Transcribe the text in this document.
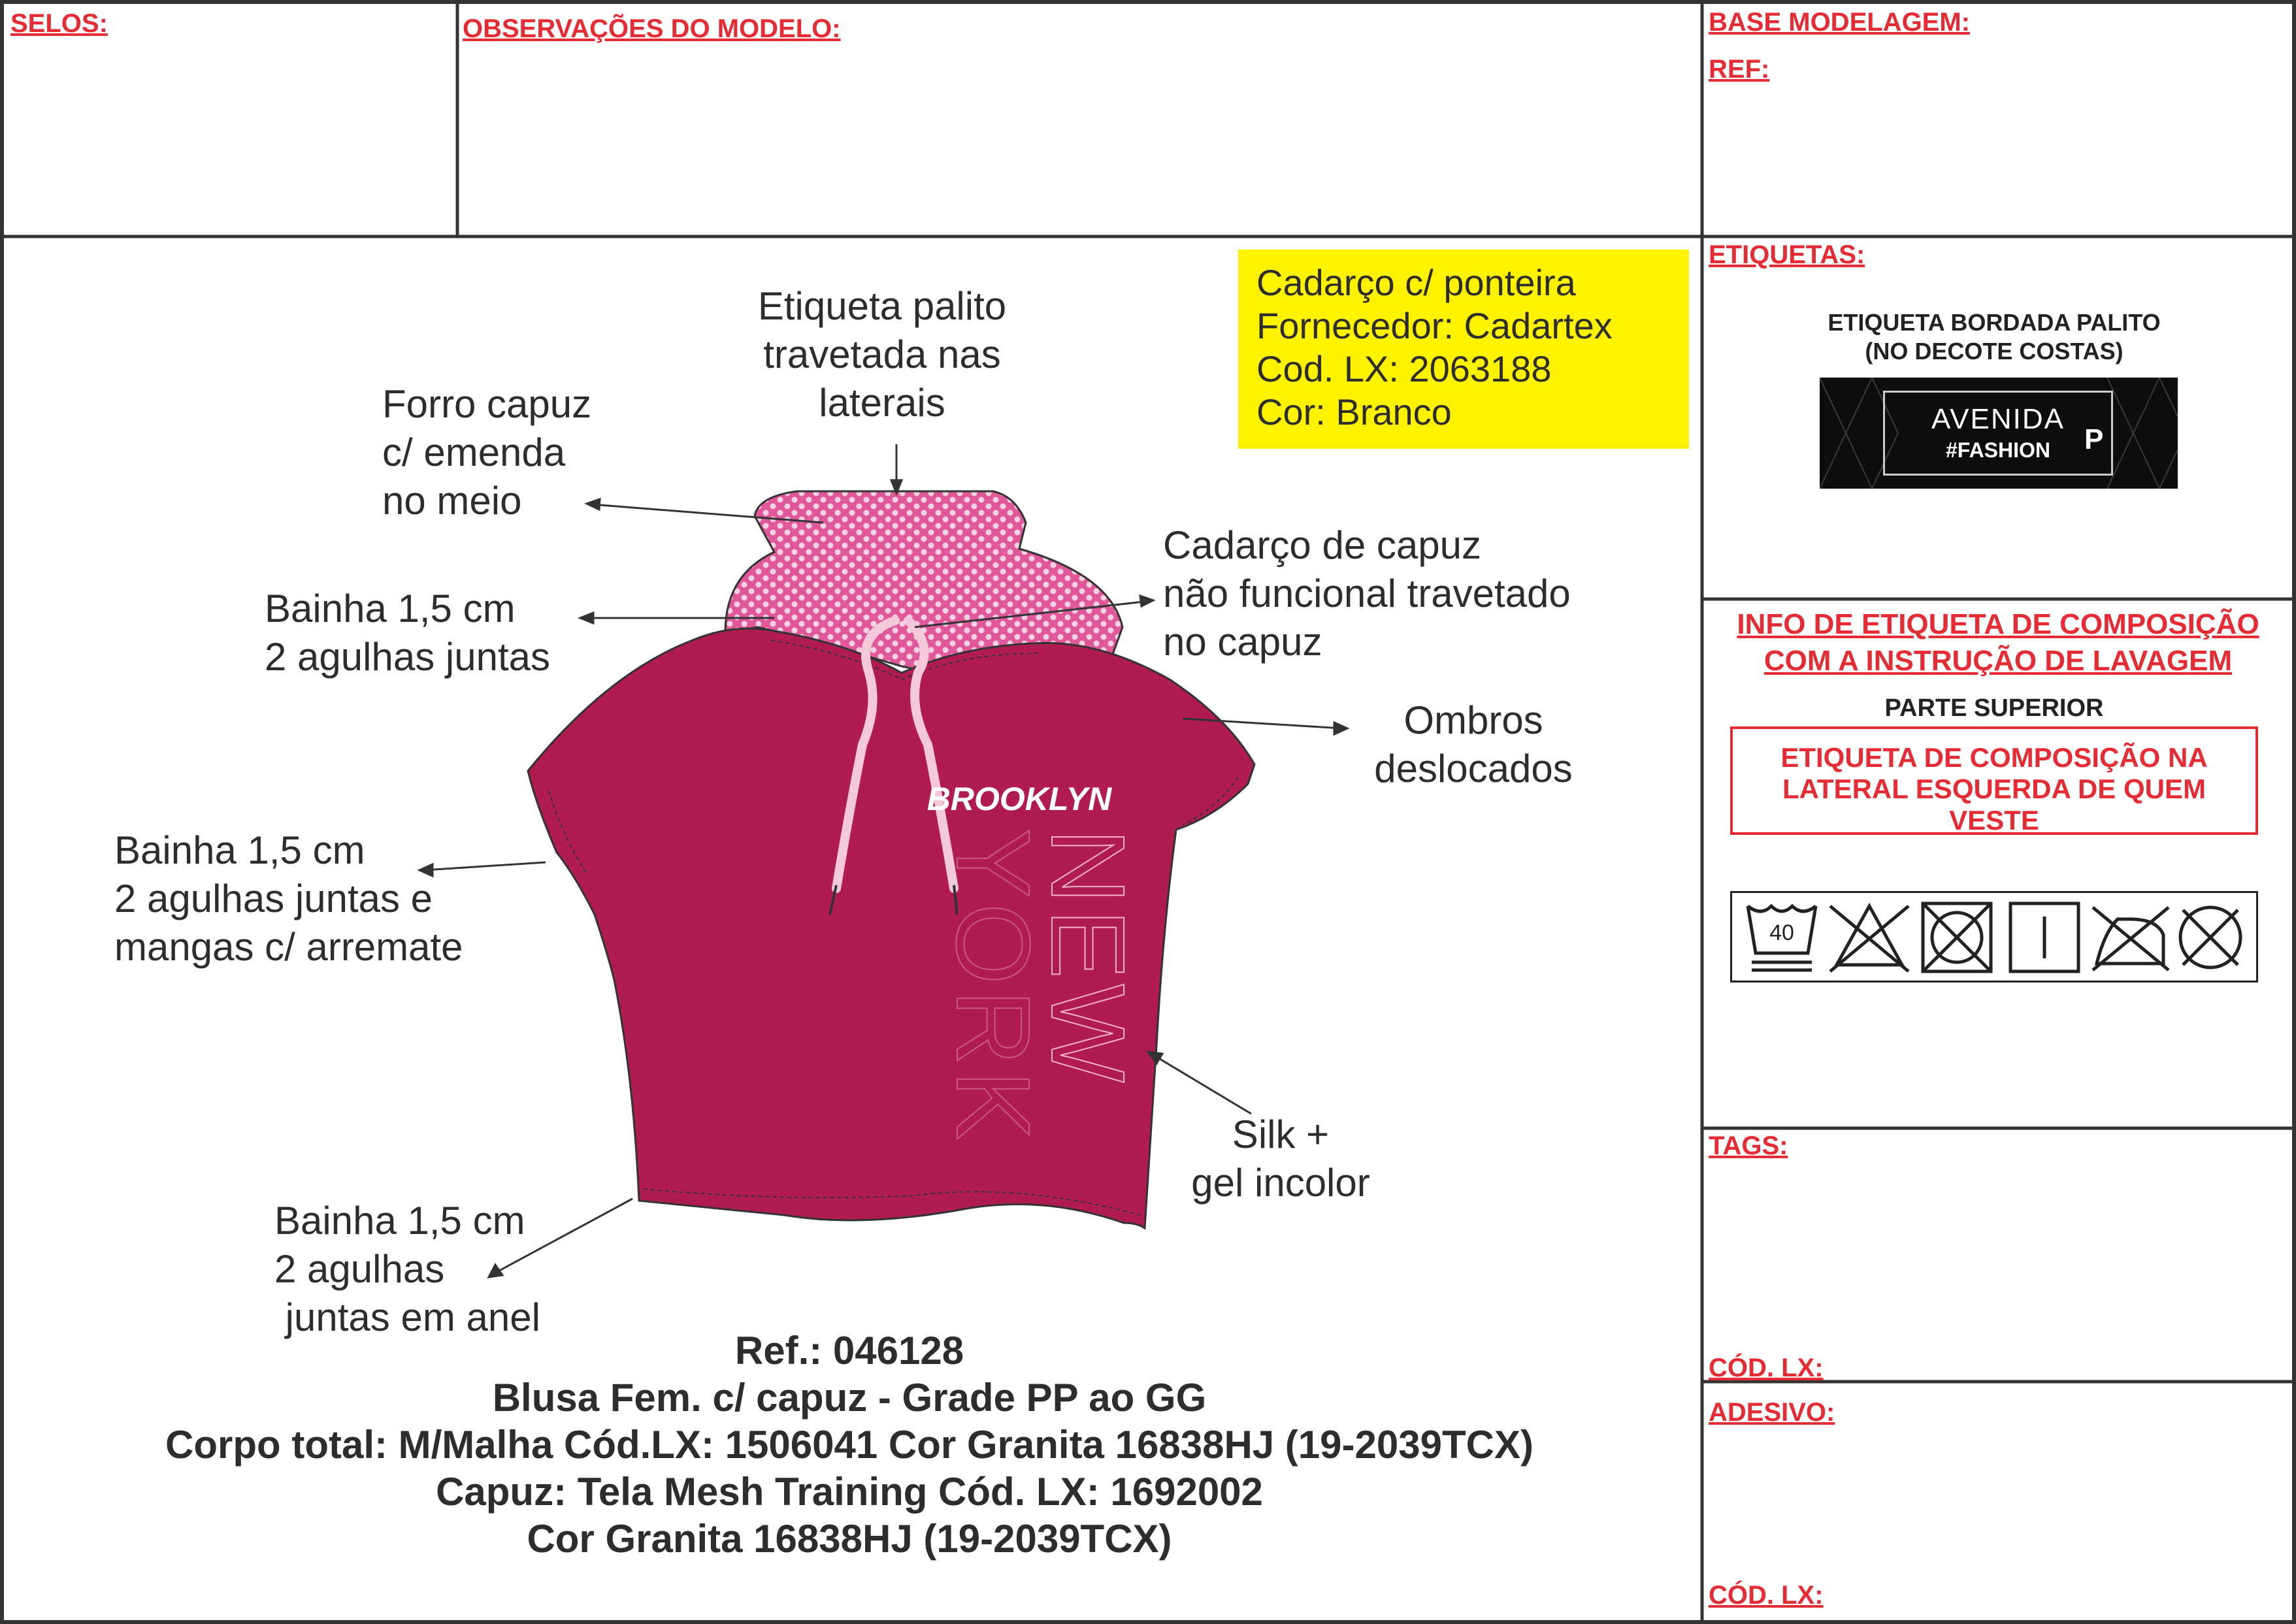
SELOS:	OBSERVAÇÕES DO MODELO:	BASE MODELAGEM:
REF:
ETIQUETAS:
ETIQUETA BORDADA PALITO
(NO DECOTE COSTAS)
AVENIDA
#FASHION	P
INFO DE ETIQUETA DE COMPOSIÇÃO
COM A INSTRUÇÃO DE LAVAGEM
PARTE SUPERIOR
ETIQUETA DE COMPOSIÇÃO NA
LATERAL ESQUERDA DE QUEM
VESTE
40
TAGS:
CÓD. LX:
ADESIVO:
CÓD. LX:
Cadarço c/ ponteira
Fornecedor: Cadartex
Cod. LX: 2063188
Cor: Branco
BROOKLYN
NEW
YORK
Etiqueta palito
travetada nas
laterais
Forro capuz
c/ emenda
no meio
Bainha 1,5 cm
2 agulhas juntas
Cadarço de capuz
não funcional travetado
no capuz
Ombros
deslocados
Bainha 1,5 cm
2 agulhas juntas e
mangas c/ arremate
Silk +
gel incolor
Bainha 1,5 cm
2 agulhas
juntas em anel
Ref.: 046128
Blusa Fem. c/ capuz - Grade PP ao GG
Corpo total: M/Malha Cód.LX: 1506041 Cor Granita 16838HJ (19-2039TCX)
Capuz: Tela Mesh Training Cód. LX: 1692002
Cor Granita 16838HJ (19-2039TCX)
